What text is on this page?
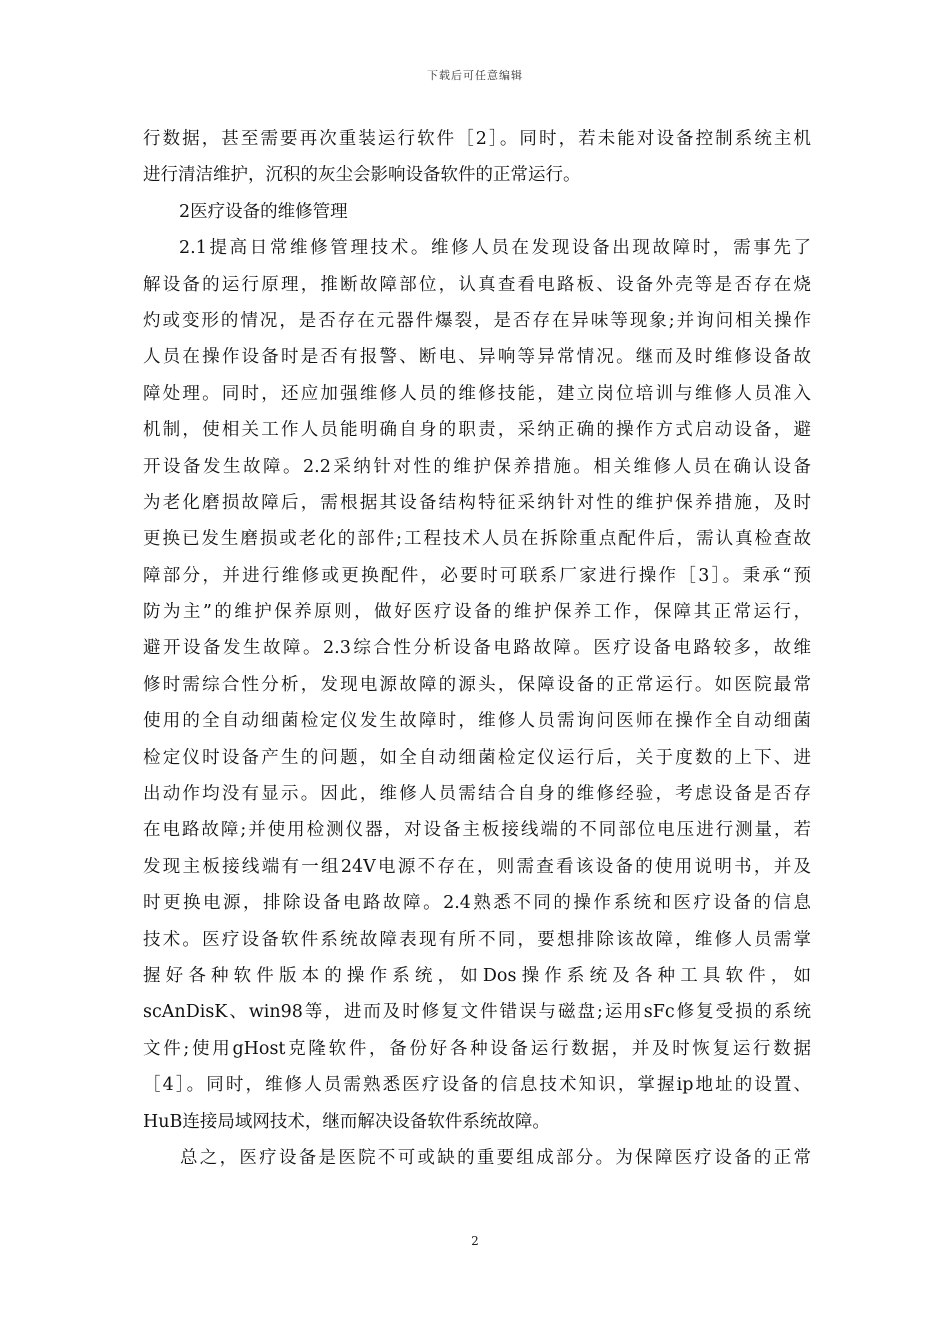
下载后可任意编辑
行数据，甚至需要再次重装运行软件［2］。同时，若未能对设备控制系统主机
进行清洁维护，沉积的灰尘会影响设备软件的正常运行。
2医疗设备的维修管理
2.1提高日常维修管理技术。维修人员在发现设备出现故障时，需事先了
解设备的运行原理，推断故障部位，认真查看电路板、设备外壳等是否存在烧
灼或变形的情况，是否存在元器件爆裂，是否存在异味等现象;并询问相关操作
人员在操作设备时是否有报警、断电、异响等异常情况。继而及时维修设备故
障处理。同时，还应加强维修人员的维修技能，建立岗位培训与维修人员准入
机制，使相关工作人员能明确自身的职责，采纳正确的操作方式启动设备，避
开设备发生故障。2.2采纳针对性的维护保养措施。相关维修人员在确认设备
为老化磨损故障后，需根据其设备结构特征采纳针对性的维护保养措施，及时
更换已发生磨损或老化的部件;工程技术人员在拆除重点配件后，需认真检查故
障部分，并进行维修或更换配件，必要时可联系厂家进行操作［3］。秉承“预
防为主”的维护保养原则，做好医疗设备的维护保养工作，保障其正常运行，
避开设备发生故障。2.3综合性分析设备电路故障。医疗设备电路较多，故维
修时需综合性分析，发现电源故障的源头，保障设备的正常运行。如医院最常
使用的全自动细菌检定仪发生故障时，维修人员需询问医师在操作全自动细菌
检定仪时设备产生的问题，如全自动细菌检定仪运行后，关于度数的上下、进
出动作均没有显示。因此，维修人员需结合自身的维修经验，考虑设备是否存
在电路故障;并使用检测仪器，对设备主板接线端的不同部位电压进行测量，若
发现主板接线端有一组24V电源不存在，则需查看该设备的使用说明书，并及
时更换电源，排除设备电路故障。2.4熟悉不同的操作系统和医疗设备的信息
技术。医疗设备软件系统故障表现有所不同，要想排除该故障，维修人员需掌
握好各种软件版本的操作系统，如Dos操作系统及各种工具软件，如
scAnDisK、win98等，进而及时修复文件错误与磁盘;运用sFc修复受损的系统
文件;使用gHost克隆软件，备份好各种设备运行数据，并及时恢复运行数据
［4］。同时，维修人员需熟悉医疗设备的信息技术知识，掌握ip地址的设置、
HuB连接局域网技术，继而解决设备软件系统故障。
总之，医疗设备是医院不可或缺的重要组成部分。为保障医疗设备的正常
2
